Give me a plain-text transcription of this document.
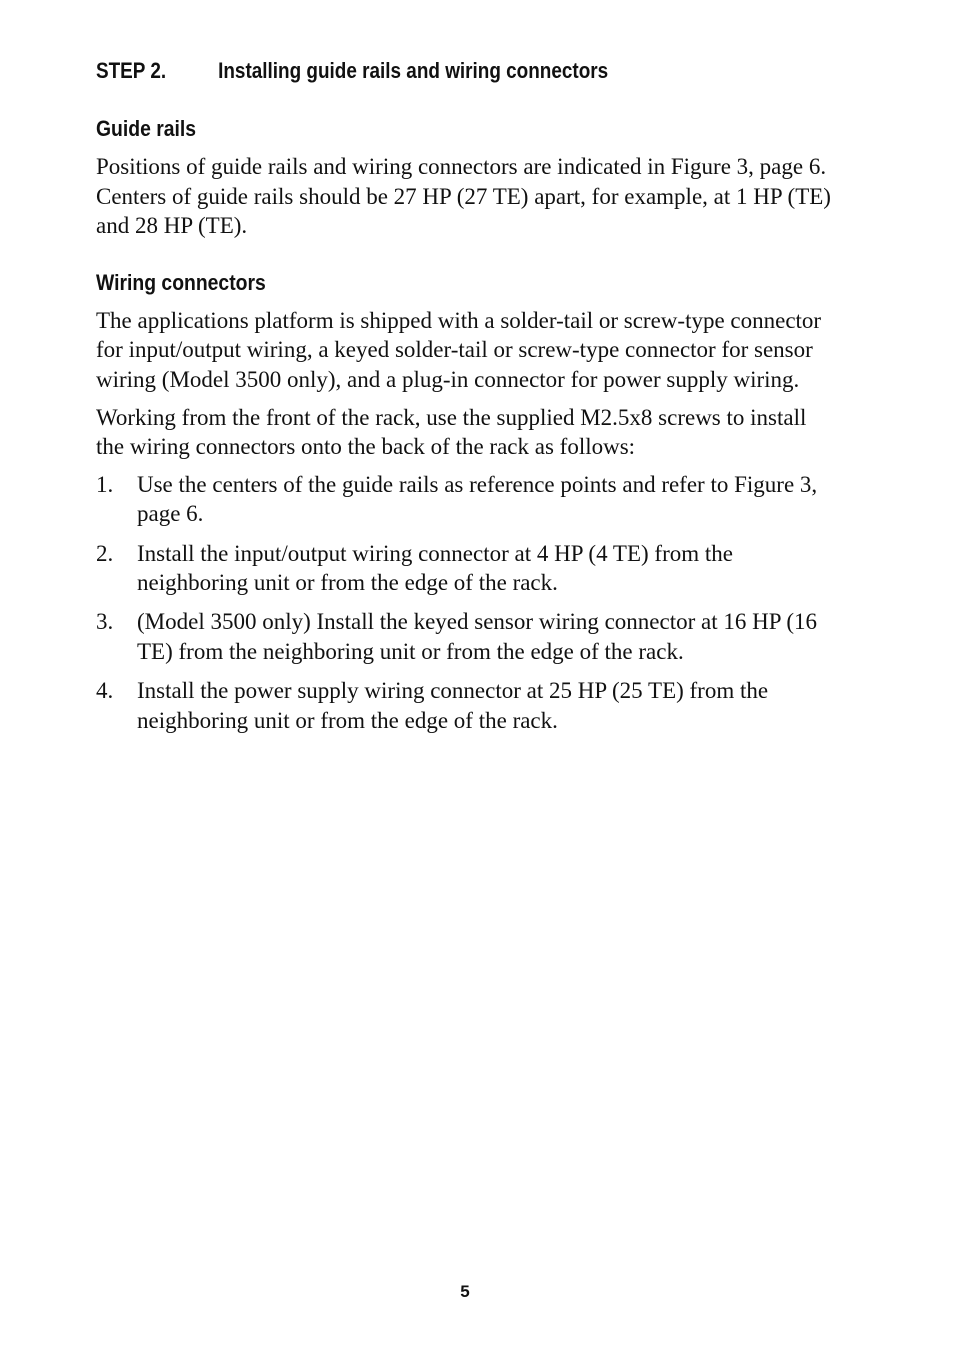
STEP 2. Installing guide rails and wiring connectors
Guide rails

Positions of guide rails and wiring connectors are indicated in Figure 3, page 6. Centers of guide rails should be 27 HP (27 TE) apart, for example, at 1 HP (TE) and 28 HP (TE).

Wiring connectors

The applications platform is shipped with a solder-tail or screw-type connector for input/output wiring, a keyed solder-tail or screw-type connector for sensor wiring (Model 3500 only), and a plug-in connector for power supply wiring.

Working from the front of the rack, use the supplied M2.5x8 screws to install the wiring connectors onto the back of the rack as follows:

1.	Use the centers of the guide rails as reference points and refer to Figure 3, page 6.
2.	Install the input/output wiring connector at 4 HP (4 TE) from the neighboring unit or from the edge of the rack.
3.	(Model 3500 only) Install the keyed sensor wiring connector at 16 HP (16 TE) from the neighboring unit or from the edge of the rack.
4.	Install the power supply wiring connector at 25 HP (25 TE) from the neighboring unit or from the edge of the rack.
5
